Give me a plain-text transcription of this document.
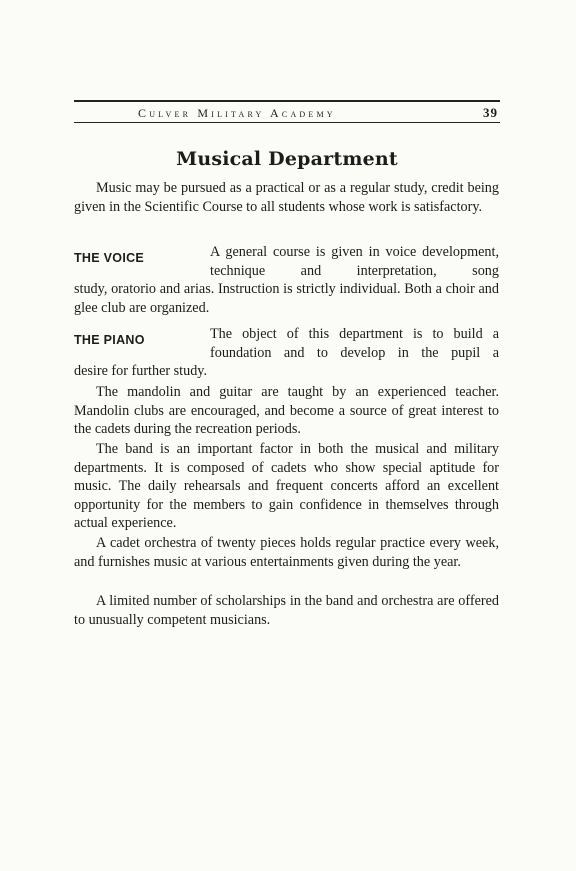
Culver Military Academy	39
Musical Department

Music may be pursued as a practical or as a regular study, credit being given in the Scientific Course to all students whose work is satisfactory.

THE VOICE	A general course is given in voice development, technique and interpretation, song

study, oratorio and arias. Instruction is strictly individual. Both a choir and glee club are organized.

THE PIANO	The object of this department is to build a foundation and to develop in the pupil a

desire for further study.

The mandolin and guitar are taught by an experienced teacher. Mandolin clubs are encouraged, and become a source of great interest to the cadets during the recreation periods.

The band is an important factor in both the musical and military departments. It is composed of cadets who show special aptitude for music. The daily rehearsals and frequent concerts afford an excellent opportunity for the members to gain confidence in themselves through actual experience.

A cadet orchestra of twenty pieces holds regular practice every week, and furnishes music at various entertainments given during the year.

A limited number of scholarships in the band and orchestra are offered to unusually competent musicians.
